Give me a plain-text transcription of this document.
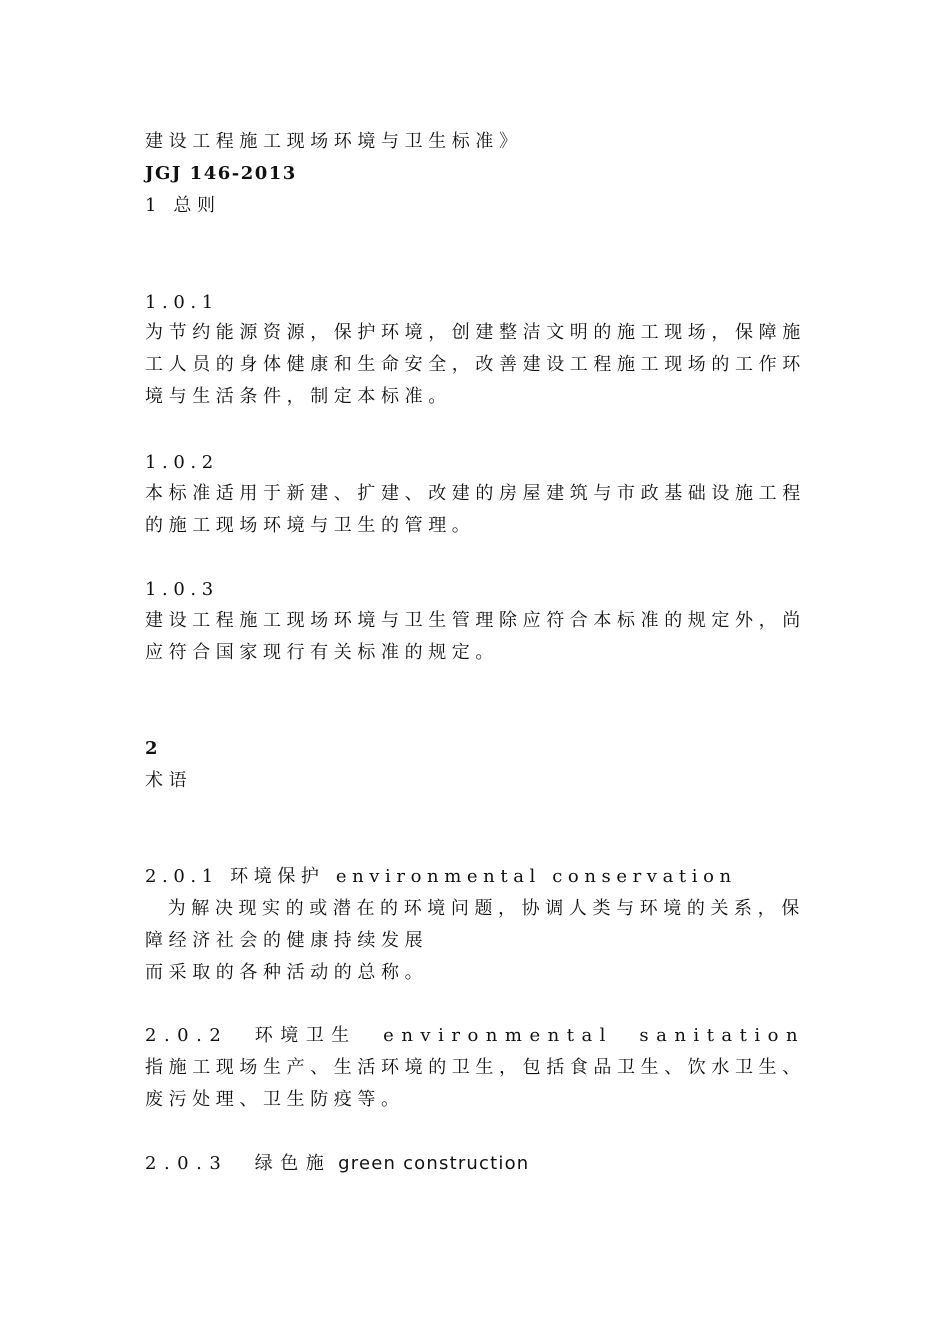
建设工程施工现场环境与卫生标准》
JGJ 146-2013
1 总则
1.0.1
为节约能源资源，保护环境，创建整洁文明的施工现场，保障施
工人员的身体健康和生命安全，改善建设工程施工现场的工作环
境与生活条件，制定本标准。
1.0.2
本标准适用于新建、扩建、改建的房屋建筑与市政基础设施工程
的施工现场环境与卫生的管理。
1.0.3
建设工程施工现场环境与卫生管理除应符合本标准的规定外，尚
应符合国家现行有关标准的规定。
2
术语
2.0.1 环境保护 environmental conservation
为解决现实的或潜在的环境问题，协调人类与环境的关系，保
障经济社会的健康持续发展
而采取的各种活动的总称。
2.0.2  环境卫生  environmental  sanitation
指施工现场生产、生活环境的卫生，包括食品卫生、饮水卫生、
废污处理、卫生防疫等。
2.0.3  绿色施 green construction
